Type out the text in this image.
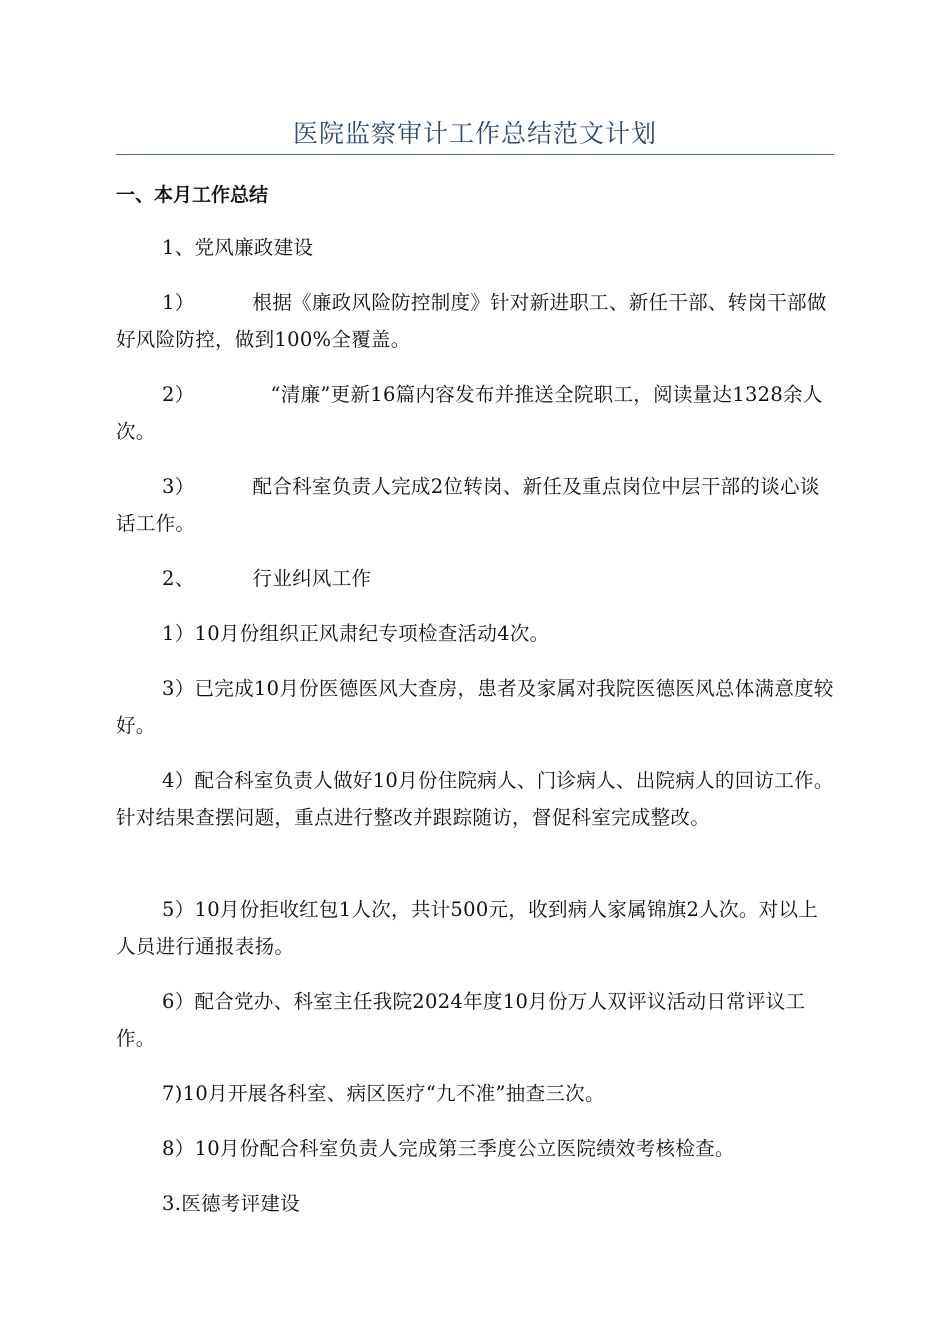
医院监察审计工作总结范文计划
一、本月工作总结
1、党风廉政建设
1）	根据《廉政风险防控制度》针对新进职工、新任干部、转岗干部做好风险防控，做到100%全覆盖。
2）	“清廉”更新16篇内容发布并推送全院职工，阅读量达1328余人次。
3）	配合科室负责人完成2位转岗、新任及重点岗位中层干部的谈心谈话工作。
2、	行业纠风工作
1）10月份组织正风肃纪专项检查活动4次。
3）已完成10月份医德医风大查房，患者及家属对我院医德医风总体满意度较好。
4）配合科室负责人做好10月份住院病人、门诊病人、出院病人的回访工作。针对结果查摆问题，重点进行整改并跟踪随访，督促科室完成整改。
5）10月份拒收红包1人次，共计500元，收到病人家属锦旗2人次。对以上人员进行通报表扬。
6）配合党办、科室主任我院2024年度10月份万人双评议活动日常评议工作。
7)10月开展各科室、病区医疗“九不准”抽查三次。
8）10月份配合科室负责人完成第三季度公立医院绩效考核检查。
3.医德考评建设
